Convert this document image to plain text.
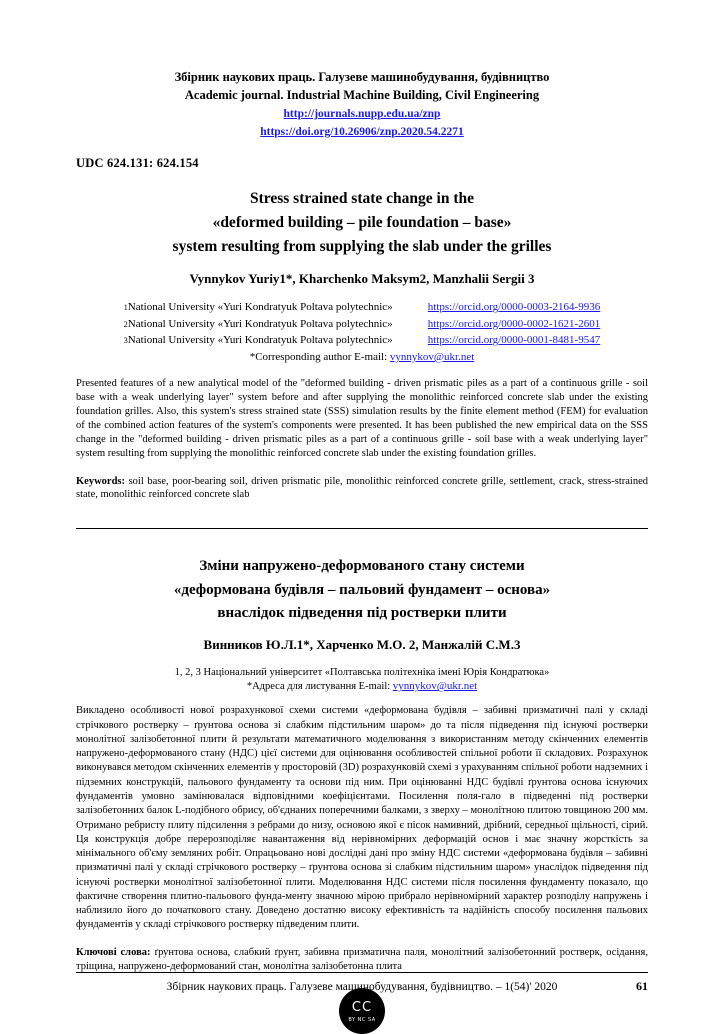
Збірник наукових праць. Галузеве машинобудування, будівництво
Academic journal. Industrial Machine Building, Civil Engineering
http://journals.nupp.edu.ua/znp
https://doi.org/10.26906/znp.2020.54.2271
UDC 624.131: 624.154
Stress strained state change in the
«deformed building – pile foundation – base»
system resulting from supplying the slab under the grilles
Vynnykov Yuriy1*, Kharchenko Maksym2, Manzhalii Sergii 3
1 National University «Yuri Kondratyuk Poltava polytechnic»	https://orcid.org/0000-0003-2164-9936
2 National University «Yuri Kondratyuk Poltava polytechnic»	https://orcid.org/0000-0002-1621-2601
3 National University «Yuri Kondratyuk Poltava polytechnic»	https://orcid.org/0000-0001-8481-9547
*Corresponding author E-mail: vynnykov@ukr.net
Presented features of a new analytical model of the "deformed building - driven prismatic piles as a part of a continuous grille - soil base with a weak underlying layer" system before and after supplying the monolithic reinforced concrete slab under the existing foundation grilles. Also, this system's stress strained state (SSS) simulation results by the finite element method (FEM) for evaluation of the combined action features of the system's components were presented. It has been published the new empirical data on the SSS change in the "deformed building - driven prismatic piles as a part of a continuous grille - soil base with a weak underlying layer" system resulting from supplying the monolithic reinforced concrete slab under the existing foundation grilles.
Keywords: soil base, poor-bearing soil, driven prismatic pile, monolithic reinforced concrete grille, settlement, crack, stress-strained state, monolithic reinforced concrete slab
Зміни напружено-деформованого стану системи
«деформована будівля – пальовий фундамент – основа»
внаслідок підведення під ростверки плити
Винников Ю.Л.1*, Харченко М.О. 2, Манжалій С.М.3
1, 2, 3 Національний університет «Полтавська політехніка імені Юрія Кондратюка»
*Адреса для листування E-mail: vynnykov@ukr.net
Викладено особливості нової розрахункової схеми системи «деформована будівля – забивні призматичні палі у складі стрічкового ростверку – ґрунтова основа зі слабким підстильним шаром» до та після підведення під існуючі ростверки монолітної залізобетонної плити й результати математичного моделювання з використанням методу скінченних елементів напружено-деформованого стану (НДС) цієї системи для оцінювання особливостей спільної роботи її складових. Розрахунок виконувався методом скінченних елементів у просторовій (3D) розрахунковій схемі з урахуванням спільної роботи надземних і підземних конструкцій, пальового фундаменту та основи під ним. При оцінюванні НДС будівлі ґрунтова основа існуючих фундаментів умовно замінювалася відповідними коефіцієнтами. Посилення поля-гало в підведенні під ростверки залізобетонних балок L-подібного обрису, об'єднаних поперечними балками, з зверху – монолітною плитою товщиною 200 мм. Отримано ребристу плиту підсилення з ребрами до низу, основою якої є пісок намивний, дрібний, середньої щільності, сірий. Ця конструкція добре перерозподіляє навантаження від нерівномірних деформацій основ і має значну жорсткість за мінімального об'єму земляних робіт. Опрацьовано нові дослідні дані про зміну НДС системи «деформована будівля – забивні призматичні палі у складі стрічкового ростверку – ґрунтова основа зі слабким підстильним шаром» унаслідок підведення під існуючі ростверки монолітної залізобетонної плити. Моделювання НДС системи після посилення фундаменту показало, що фактичне створення плитно-пальового фунда-менту значною мірою прибрало нерівномірний характер розподілу напружень і наблизило його до початкового стану. Доведено достатню високу ефективність та надійність способу посилення пальових фундаментів у складі стрічкового ростверку підведеним плити.
Ключові слова: ґрунтова основа, слабкий ґрунт, забивна призматична паля, монолітний залізобетонний ростверк, осідання, тріщина, напружено-деформований стан, монолітна залізобетонна плита
CC
BY NC SA
Збірник наукових праць. Галузеве машинобудування, будівництво. – 1(54)' 2020	61
